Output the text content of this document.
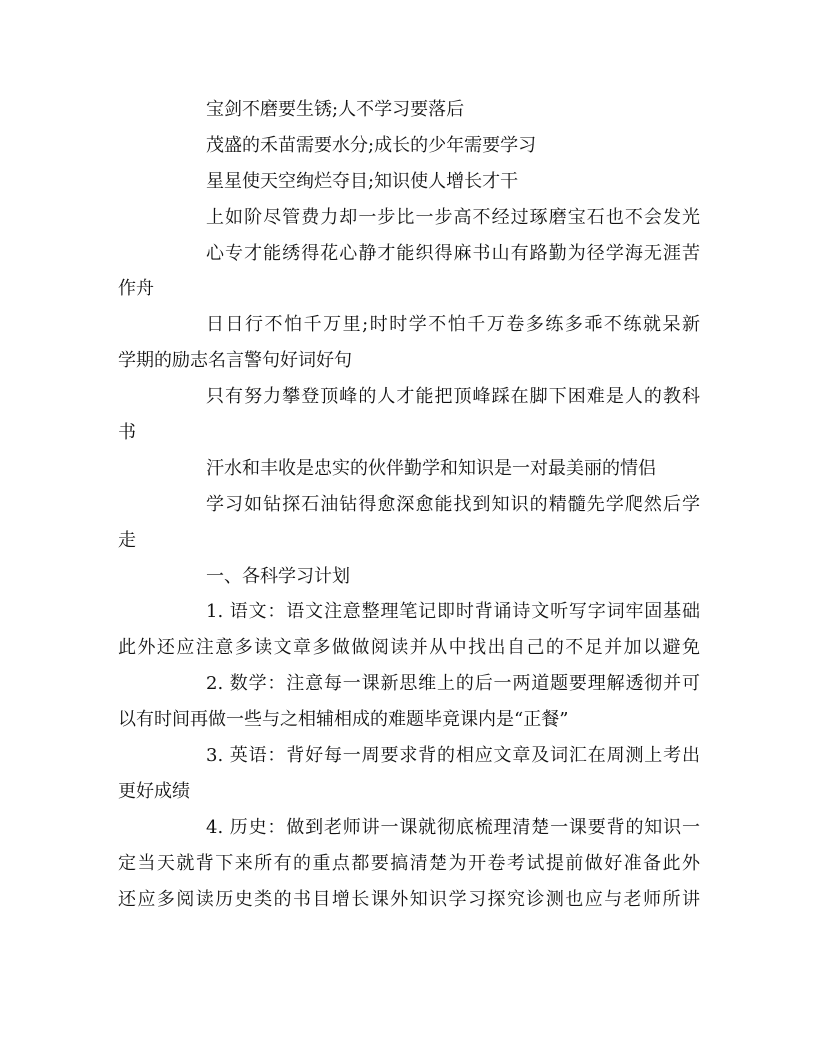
宝剑不磨要生锈;人不学习要落后
茂盛的禾苗需要水分;成长的少年需要学习
星星使天空绚烂夺目;知识使人增长才干
上如阶尽管费力却一步比一步高不经过琢磨宝石也不会发光
心专才能绣得花心静才能织得麻书山有路勤为径学海无涯苦
作舟
日日行不怕千万里;时时学不怕千万卷多练多乖不练就呆新
学期的励志名言警句好词好句
只有努力攀登顶峰的人才能把顶峰踩在脚下困难是人的教科
书
汗水和丰收是忠实的伙伴勤学和知识是一对最美丽的情侣
学习如钻探石油钻得愈深愈能找到知识的精髓先学爬然后学
走
一、各科学习计划
1. 语文：语文注意整理笔记即时背诵诗文听写字词牢固基础
此外还应注意多读文章多做做阅读并从中找出自己的不足并加以避免
2. 数学：注意每一课新思维上的后一两道题要理解透彻并可
以有时间再做一些与之相辅相成的难题毕竟课内是“正餐”
3. 英语：背好每一周要求背的相应文章及词汇在周测上考出
更好成绩
4. 历史：做到老师讲一课就彻底梳理清楚一课要背的知识一
定当天就背下来所有的重点都要搞清楚为开卷考试提前做好准备此外
还应多阅读历史类的书目增长课外知识学习探究诊测也应与老师所讲
